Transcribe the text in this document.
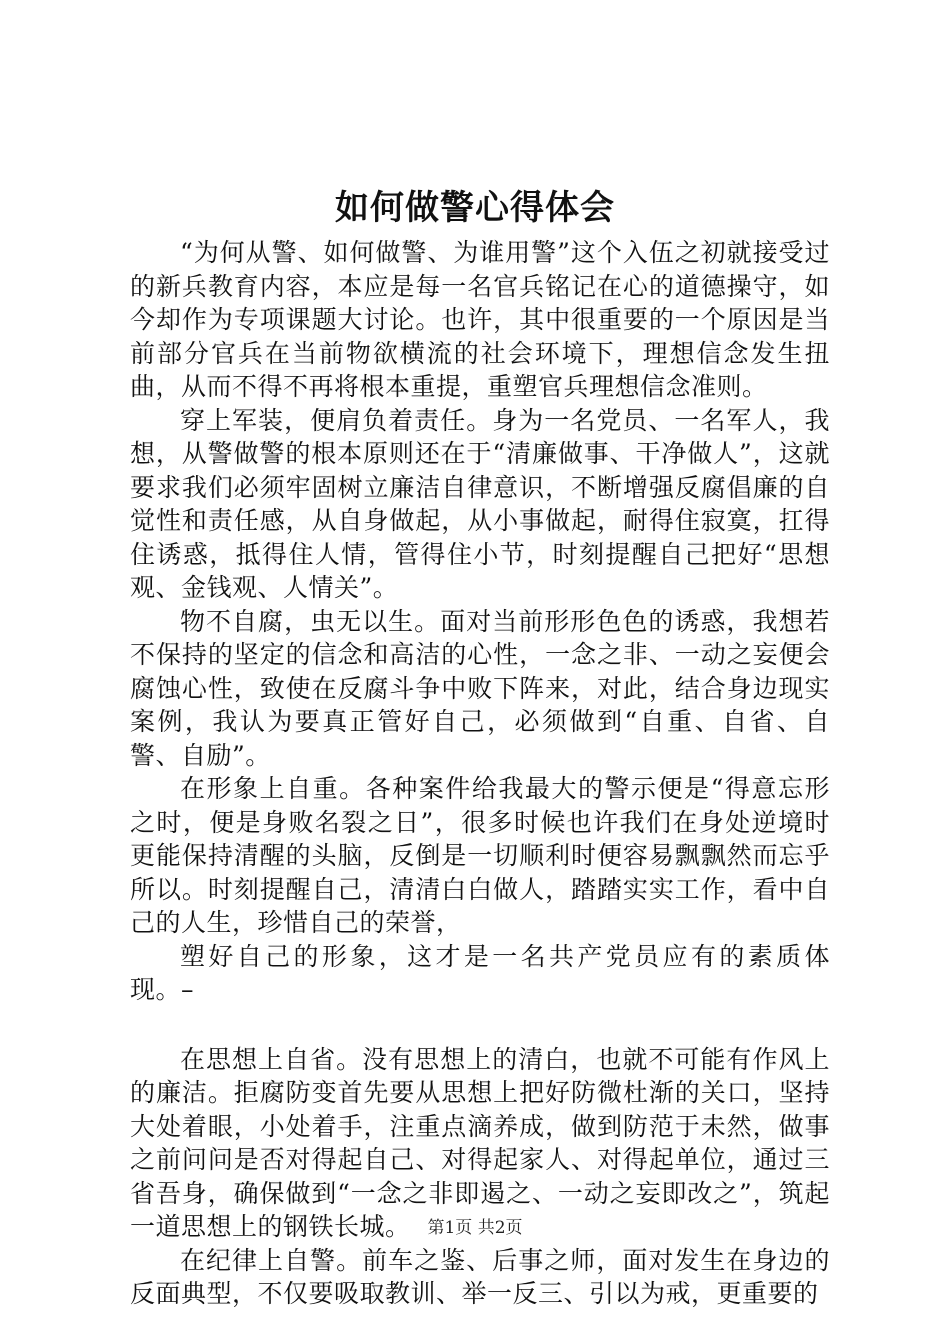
如何做警心得体会

“为何从警、如何做警、为谁用警”这个入伍之初就接受过的新兵教育内容，本应是每一名官兵铭记在心的道德操守，如今却作为专项课题大讨论。也许，其中很重要的一个原因是当前部分官兵在当前物欲横流的社会环境下，理想信念发生扭曲，从而不得不再将根本重提，重塑官兵理想信念准则。

穿上军装，便肩负着责任。身为一名党员、一名军人，我想，从警做警的根本原则还在于“清廉做事、干净做人”，这就要求我们必须牢固树立廉洁自律意识，不断增强反腐倡廉的自觉性和责任感，从自身做起，从小事做起，耐得住寂寞，扛得住诱惑，抵得住人情，管得住小节，时刻提醒自己把好“思想观、金钱观、人情关”。

物不自腐，虫无以生。面对当前形形色色的诱惑，我想若不保持的坚定的信念和高洁的心性，一念之非、一动之妄便会腐蚀心性，致使在反腐斗争中败下阵来，对此，结合身边现实案例，我认为要真正管好自己，必须做到“自重、自省、自警、自励”。

在形象上自重。各种案件给我最大的警示便是“得意忘形之时，便是身败名裂之日”，很多时候也许我们在身处逆境时更能保持清醒的头脑，反倒是一切顺利时便容易飘飘然而忘乎所以。时刻提醒自己，清清白白做人，踏踏实实工作，看中自己的人生，珍惜自己的荣誉，

塑好自己的形象，这才是一名共产党员应有的素质体现。–

在思想上自省。没有思想上的清白，也就不可能有作风上的廉洁。拒腐防变首先要从思想上把好防微杜渐的关口，坚持大处着眼，小处着手，注重点滴养成，做到防范于未然，做事之前问问是否对得起自己、对得起家人、对得起单位，通过三省吾身，确保做到“一念之非即遏之、一动之妄即改之”，筑起一道思想上的钢铁长城。

在纪律上自警。前车之鉴、后事之师，面对发生在身边的反面典型，不仅要吸取教训、举一反三、引以为戒，更重要的

第1页 共2页
